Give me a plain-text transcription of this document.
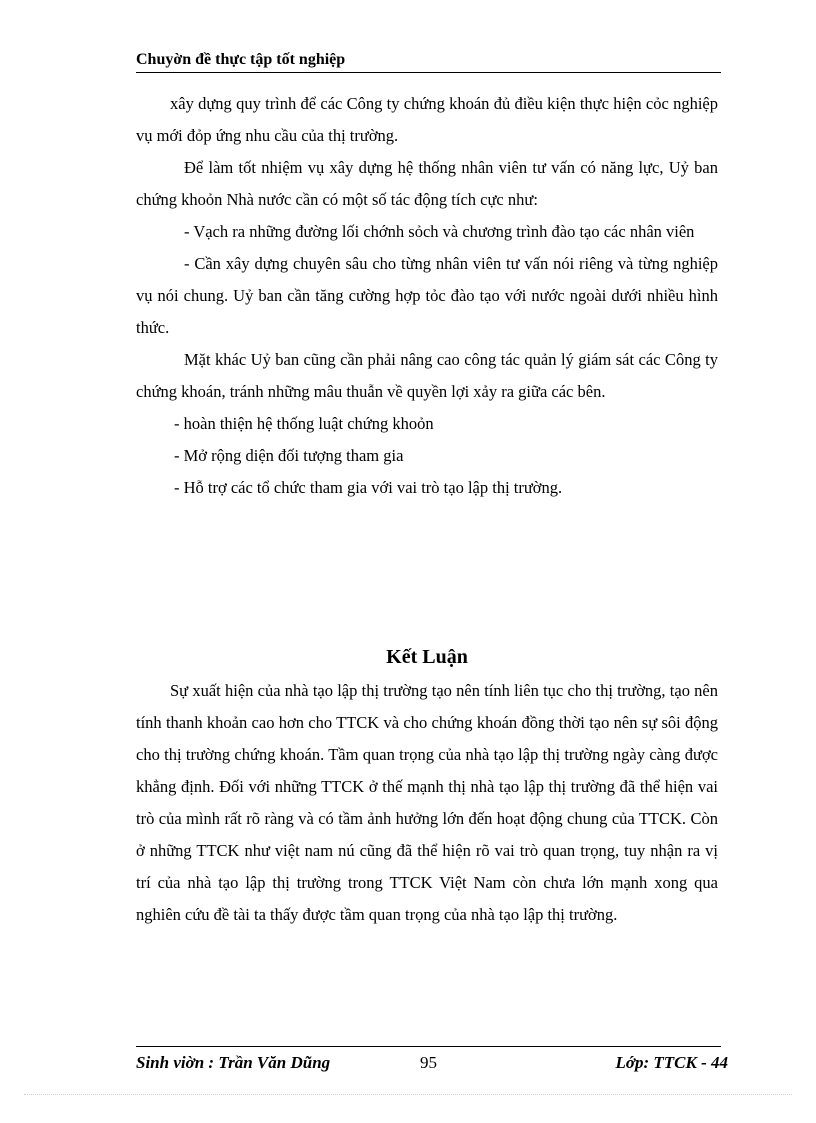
Chuyờn đề thực tập tốt nghiệp

xây dựng quy trình để các Công ty chứng khoán đủ điều kiện thực hiện cỏc nghiệp vụ mới đỏp ứng nhu cầu của thị trường.

Để làm tốt nhiệm vụ xây dựng hệ thống nhân viên tư vấn có năng lực, Uỷ ban chứng khoỏn Nhà nước cần có một số tác động tích cực như:

- Vạch ra những đường lối chớnh sỏch và chương trình đào tạo các nhân viên

- Cần xây dựng chuyên sâu cho từng nhân viên tư vấn nói riêng và từng nghiệp vụ nói chung. Uỷ ban cần tăng cường hợp tỏc đào tạo với nước ngoài dưới nhiều hình thức.

Mặt khác Uỷ ban cũng cần phải nâng cao công tác quản lý giám sát các Công ty chứng khoán, tránh những mâu thuẫn về quyền lợi xảy ra giữa các bên.

- hoàn thiện hệ thống luật chứng khoỏn

- Mở rộng diện đối tượng tham gia

- Hỗ trợ các tổ chức tham gia với vai trò tạo lập thị trường.

Kết Luận

Sự xuất hiện của nhà tạo lập thị trường tạo nên tính liên tục cho thị trường, tạo nên tính thanh khoản cao hơn cho TTCK và cho chứng khoán đồng thời tạo nên sự sôi động cho thị trường chứng khoán. Tầm quan trọng của nhà tạo lập thị trường ngày càng được khẳng định. Đối với những TTCK ở thế mạnh thị nhà tạo lập thị trường đã thể hiện vai trò của mình rất rõ ràng và có tầm ảnh hưởng lớn đến hoạt động chung của TTCK. Còn ở những TTCK như việt nam nú cũng đã thể hiện rõ vai trò quan trọng, tuy nhận ra vị trí của nhà tạo lập thị trường trong TTCK Việt Nam còn chưa lớn mạnh xong qua nghiên cứu đề tài ta thấy được tầm quan trọng của nhà tạo lập thị trường.

Sinh viờn : Trần Văn Dũng	95	Lớp: TTCK - 44
